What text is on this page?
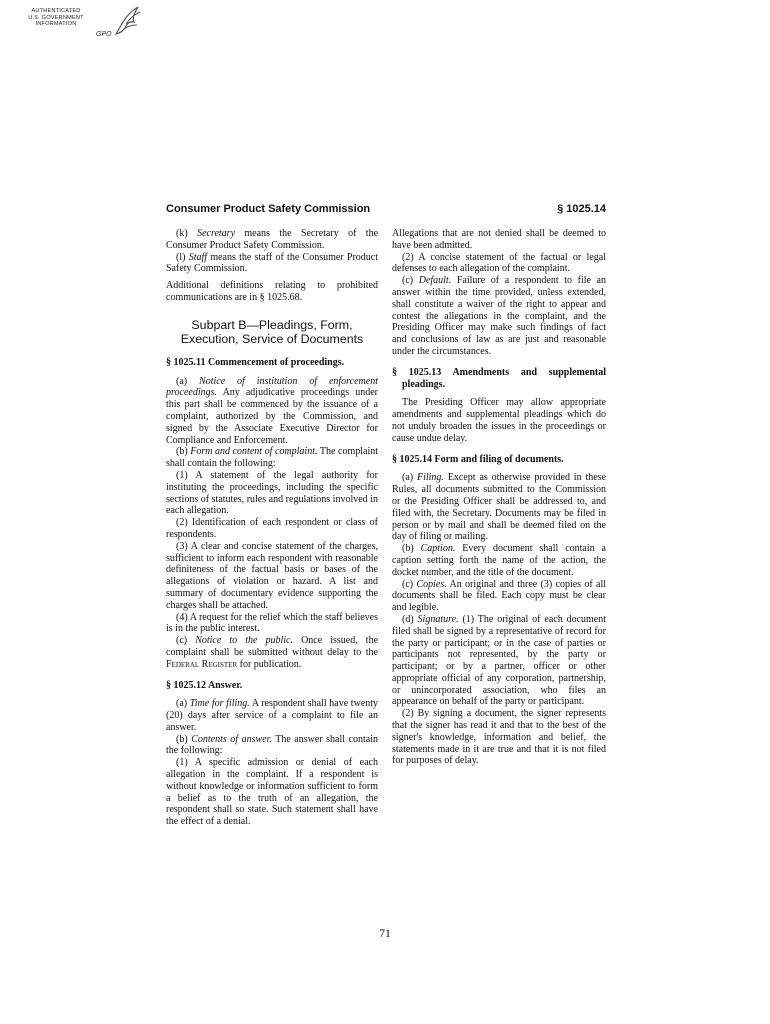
AUTHENTICATED
U.S. GOVERNMENT
INFORMATION
GPO
Consumer Product Safety Commission	§ 1025.14

(k) Secretary means the Secretary of the Consumer Product Safety Commission.

(l) Staff means the staff of the Consumer Product Safety Commission.

Additional definitions relating to prohibited communications are in § 1025.68.

Subpart B—Pleadings, Form,
Execution, Service of Documents
§ 1025.11 Commencement of proceedings.

(a) Notice of institution of enforcement proceedings. Any adjudicative proceedings under this part shall be commenced by the issuance of a complaint, authorized by the Commission, and signed by the Associate Executive Director for Compliance and Enforcement.

(b) Form and content of complaint. The complaint shall contain the following:

(1) A statement of the legal authority for instituting the proceedings, including the specific sections of statutes, rules and regulations involved in each allegation.

(2) Identification of each respondent or class of respondents.

(3) A clear and concise statement of the charges, sufficient to inform each respondent with reasonable definiteness of the factual basis or bases of the allegations of violation or hazard. A list and summary of documentary evidence supporting the charges shall be attached.

(4) A request for the relief which the staff believes is in the public interest.

(c) Notice to the public. Once issued, the complaint shall be submitted without delay to the Federal Register for publication.

§ 1025.12 Answer.

(a) Time for filing. A respondent shall have twenty (20) days after service of a complaint to file an answer.

(b) Contents of answer. The answer shall contain the following:

(1) A specific admission or denial of each allegation in the complaint. If a respondent is without knowledge or information sufficient to form a belief as to the truth of an allegation, the respondent shall so state. Such statement shall have the effect of a denial.

Allegations that are not denied shall be deemed to have been admitted.

(2) A concise statement of the factual or legal defenses to each allegation of the complaint.

(c) Default. Failure of a respondent to file an answer within the time provided, unless extended, shall constitute a waiver of the right to appear and contest the allegations in the complaint, and the Presiding Officer may make such findings of fact and conclusions of law as are just and reasonable under the circumstances.

§ 1025.13 Amendments and supplemental pleadings.

The Presiding Officer may allow appropriate amendments and supplemental pleadings which do not unduly broaden the issues in the proceedings or cause undue delay.

§ 1025.14 Form and filing of documents.

(a) Filing. Except as otherwise provided in these Rules, all documents submitted to the Commission or the Presiding Officer shall be addressed to, and filed with, the Secretary. Documents may be filed in person or by mail and shall be deemed filed on the day of filing or mailing.

(b) Caption. Every document shall contain a caption setting forth the name of the action, the docket number, and the title of the document.

(c) Copies. An original and three (3) copies of all documents shall be filed. Each copy must be clear and legible.

(d) Signature. (1) The original of each document filed shall be signed by a representative of record for the party or participant; or in the case of parties or participants not represented, by the party or participant; or by a partner, officer or other appropriate official of any corporation, partnership, or unincorporated association, who files an appearance on behalf of the party or participant.

(2) By signing a document, the signer represents that the signer has read it and that to the best of the signer's knowledge, information and belief, the statements made in it are true and that it is not filed for purposes of delay.

71
